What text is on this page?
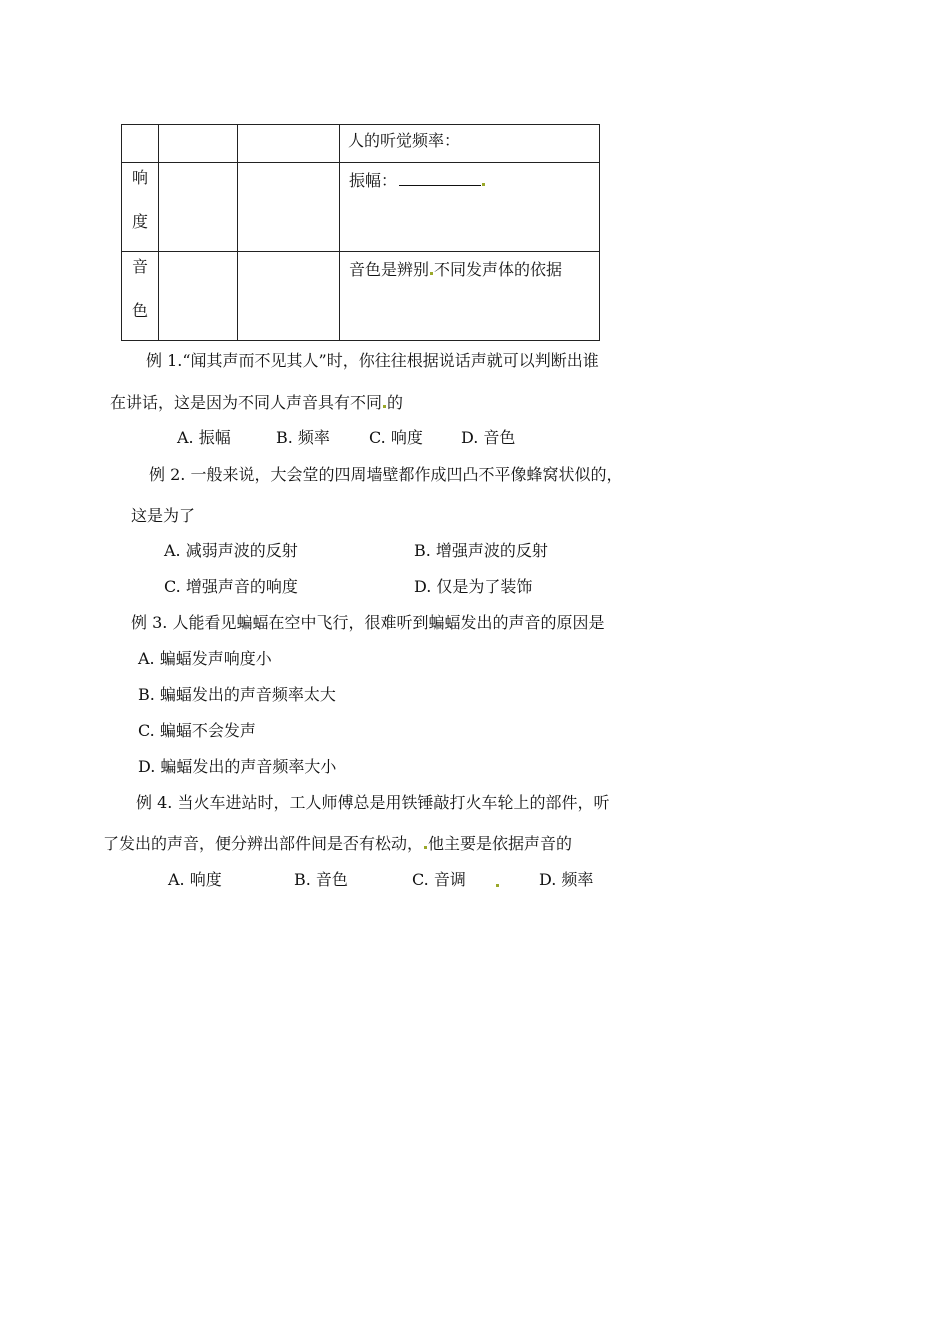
			人的听觉频率：

响
度			振幅：

音
色			音色是辨别 不同发声体的依据
例 1.“闻其声而不见其人”时，你往往根据说话声就可以判断出谁
在讲话，这是因为不同人声音具有不同 的
A. 振幅	B. 频率 C. 响度 D. 音色
例 2. 一般来说，大会堂的四周墙壁都作成凹凸不平像蜂窝状似的，
这是为了
A. 减弱声波的反射	B. 增强声波的反射
C. 增强声音的响度	D. 仅是为了装饰
例 3. 人能看见蝙蝠在空中飞行，很难听到蝙蝠发出的声音的原因是
A. 蝙蝠发声响度小
B. 蝙蝠发出的声音频率太大
C. 蝙蝠不会发声
D. 蝙蝠发出的声音频率大小
例 4. 当火车进站时，工人师傅总是用铁锤敲打火车轮上的部件，听
了发出的声音，便分辨出部件间是否有松动， 他主要是依据声音的
A. 响度	B. 音色	C. 音调	D. 频率
